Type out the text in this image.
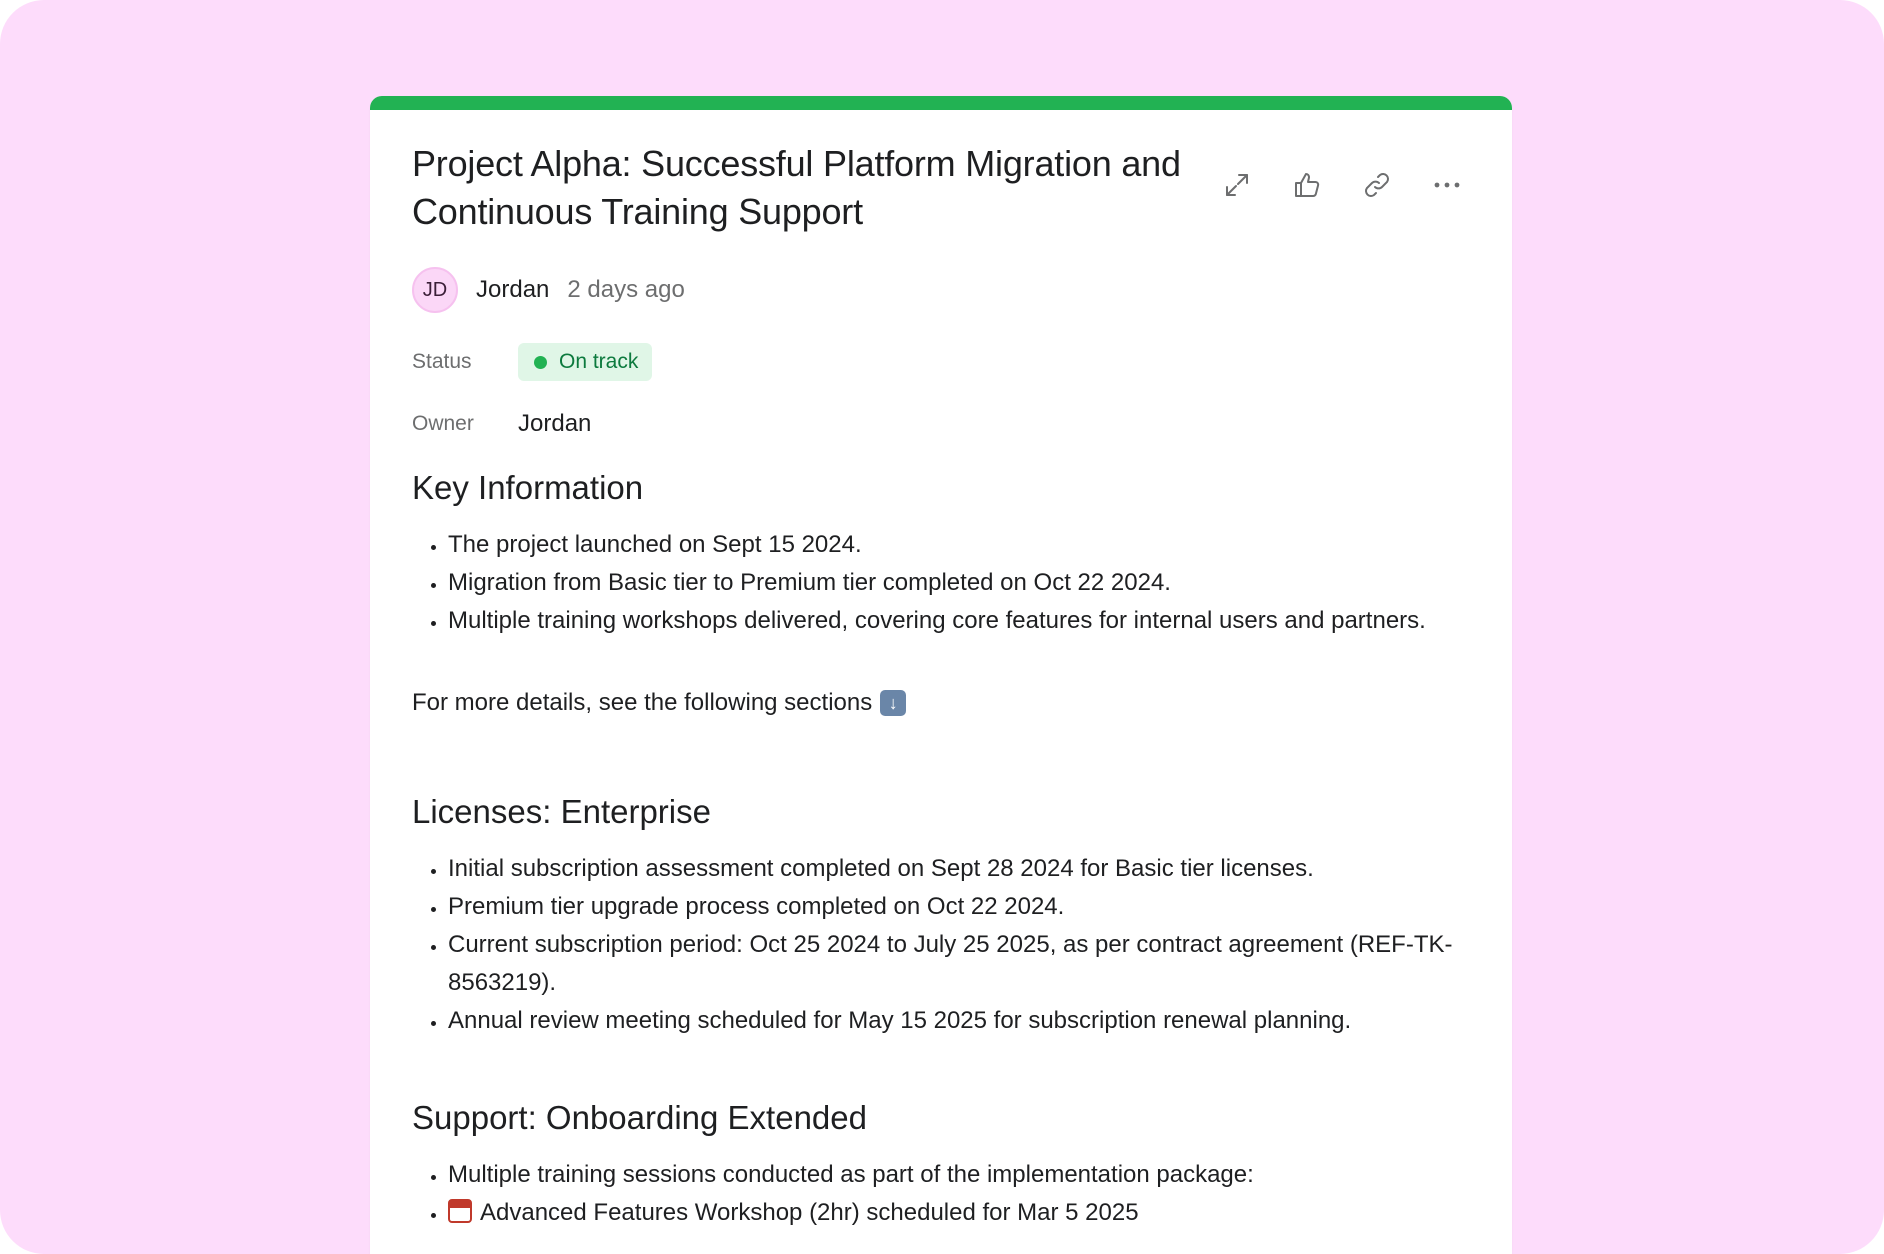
Project Alpha: Successful Platform Migration and Continuous Training Support
JD	Jordan 2 days ago
Status	On track
Owner	Jordan
Key Information
• The project launched on Sept 15 2024.
• Migration from Basic tier to Premium tier completed on Oct 22 2024.
• Multiple training workshops delivered, covering core features for internal users and partners.
For more details, see the following sections ↓
Licenses: Enterprise
• Initial subscription assessment completed on Sept 28 2024 for Basic tier licenses.
• Premium tier upgrade process completed on Oct 22 2024.
• Current subscription period: Oct 25 2024 to July 25 2025, as per contract agreement (REF-TK-8563219).
• Annual review meeting scheduled for May 15 2025 for subscription renewal planning.
Support: Onboarding Extended
• Multiple training sessions conducted as part of the implementation package:
• Advanced Features Workshop (2hr) scheduled for Mar 5 2025
